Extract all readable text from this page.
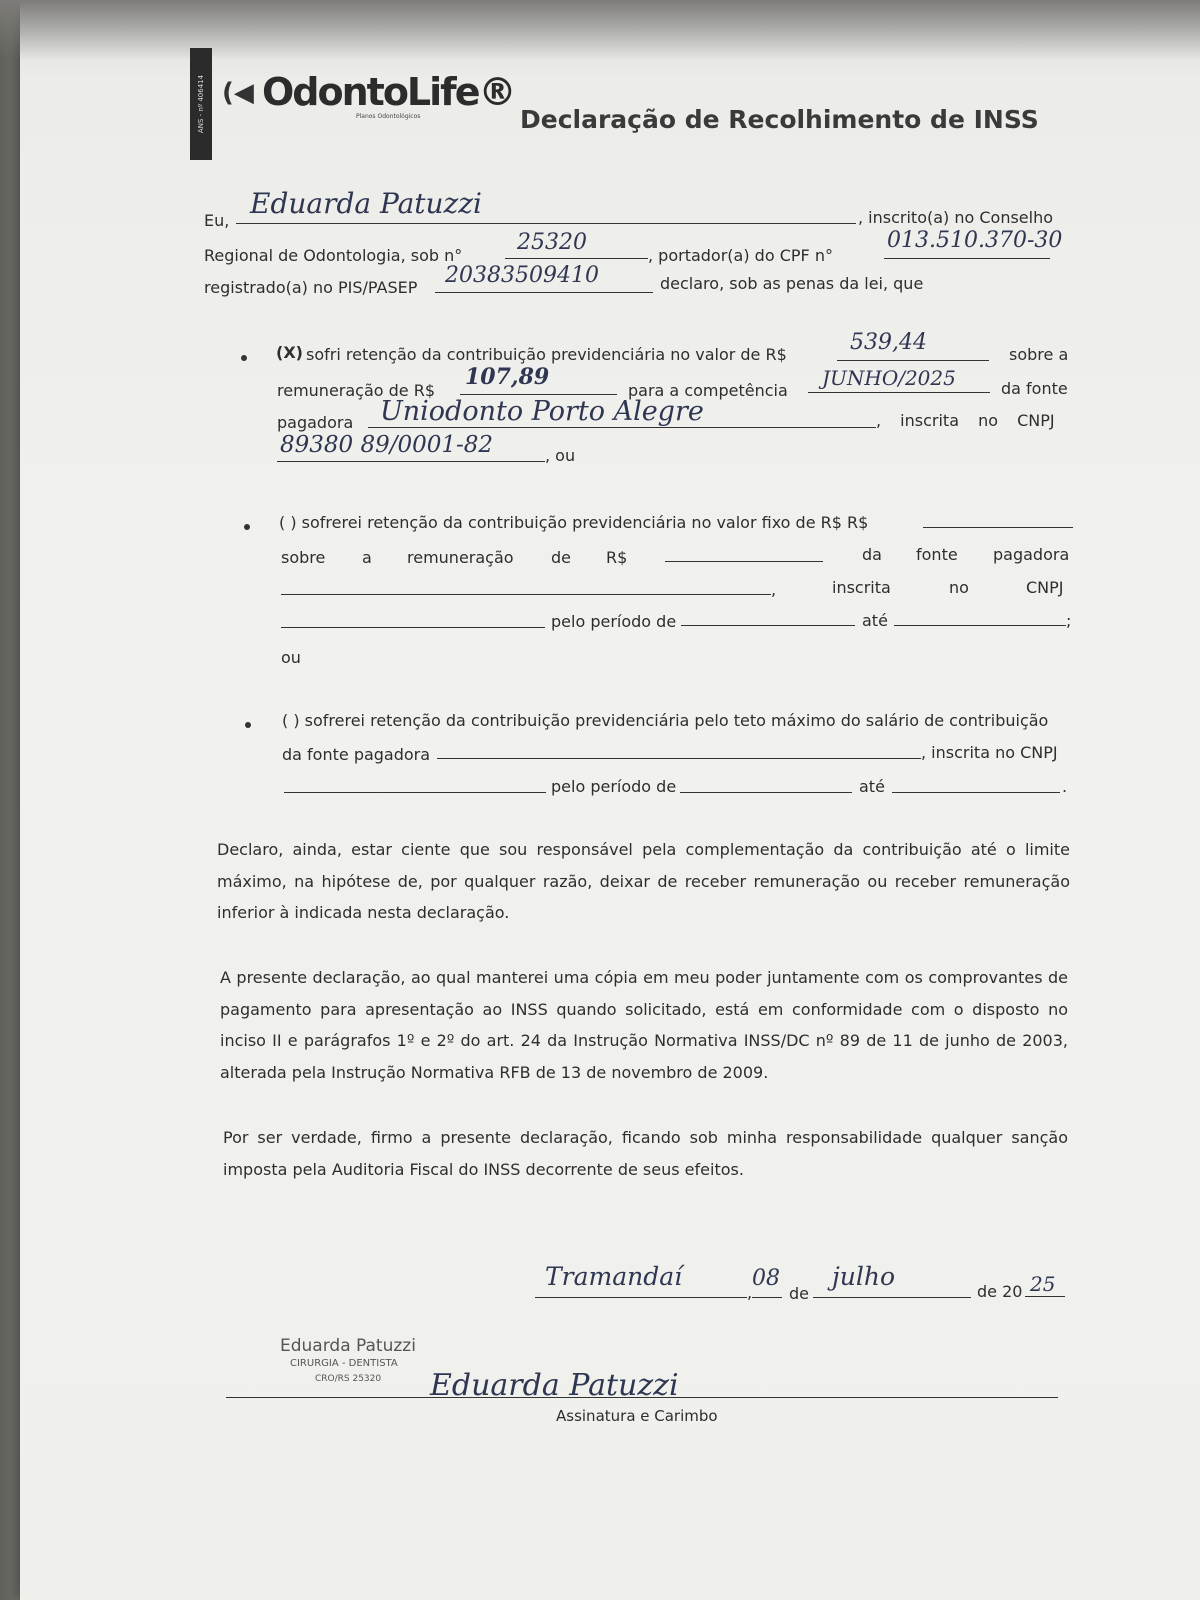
ANS - nº 406414 (◀ OdontoLife®
Planos Odontológicos	Declaração de Recolhimento de INSS
Eu,
Eduarda Patuzzi	, inscrito(a) no Conselho
Regional de Odontologia, sob n°
25320
, portador(a) do CPF n°
013.510.370-30
registrado(a) no PIS/PASEP 20383509410	declaro, sob as penas da lei, que
(X) sofri retenção da contribuição previdenciária no valor de R$	539,44	sobre a
remuneração de R$
107,89
para a competência
JUNHO/2025	da fonte
pagadora Uniodonto Porto Alegre	, inscrita no CNPJ
89380 89/0001-82	, ou
( ) sofrerei retenção da contribuição previdenciária no valor fixo de R$ R$
sobre a remuneração de R$	da fonte pagadora
,	inscrita	no	CNPJ
pelo período de	até	;
ou
( ) sofrerei retenção da contribuição previdenciária pelo teto máximo do salário de contribuição
da fonte pagadora	, inscrita no CNPJ
pelo período de	até	.
Declaro, ainda, estar ciente que sou responsável pela complementação da contribuição até o limite máximo, na hipótese de, por qualquer razão, deixar de receber remuneração ou receber remuneração inferior à indicada nesta declaração.
A presente declaração, ao qual manterei uma cópia em meu poder juntamente com os comprovantes de pagamento para apresentação ao INSS quando solicitado, está em conformidade com o disposto no inciso II e parágrafos 1º e 2º do art. 24 da Instrução Normativa INSS/DC nº 89 de 11 de junho de 2003, alterada pela Instrução Normativa RFB de 13 de novembro de 2009.
Por ser verdade, firmo a presente declaração, ficando sob minha responsabilidade qualquer sanção imposta pela Auditoria Fiscal do INSS decorrente de seus efeitos.
Tramandaí
,
08
de
julho
de 20 25
Eduarda Patuzzi
CIRURGIA - DENTISTA
CRO/RS 25320 Eduarda Patuzzi
Assinatura e Carimbo
